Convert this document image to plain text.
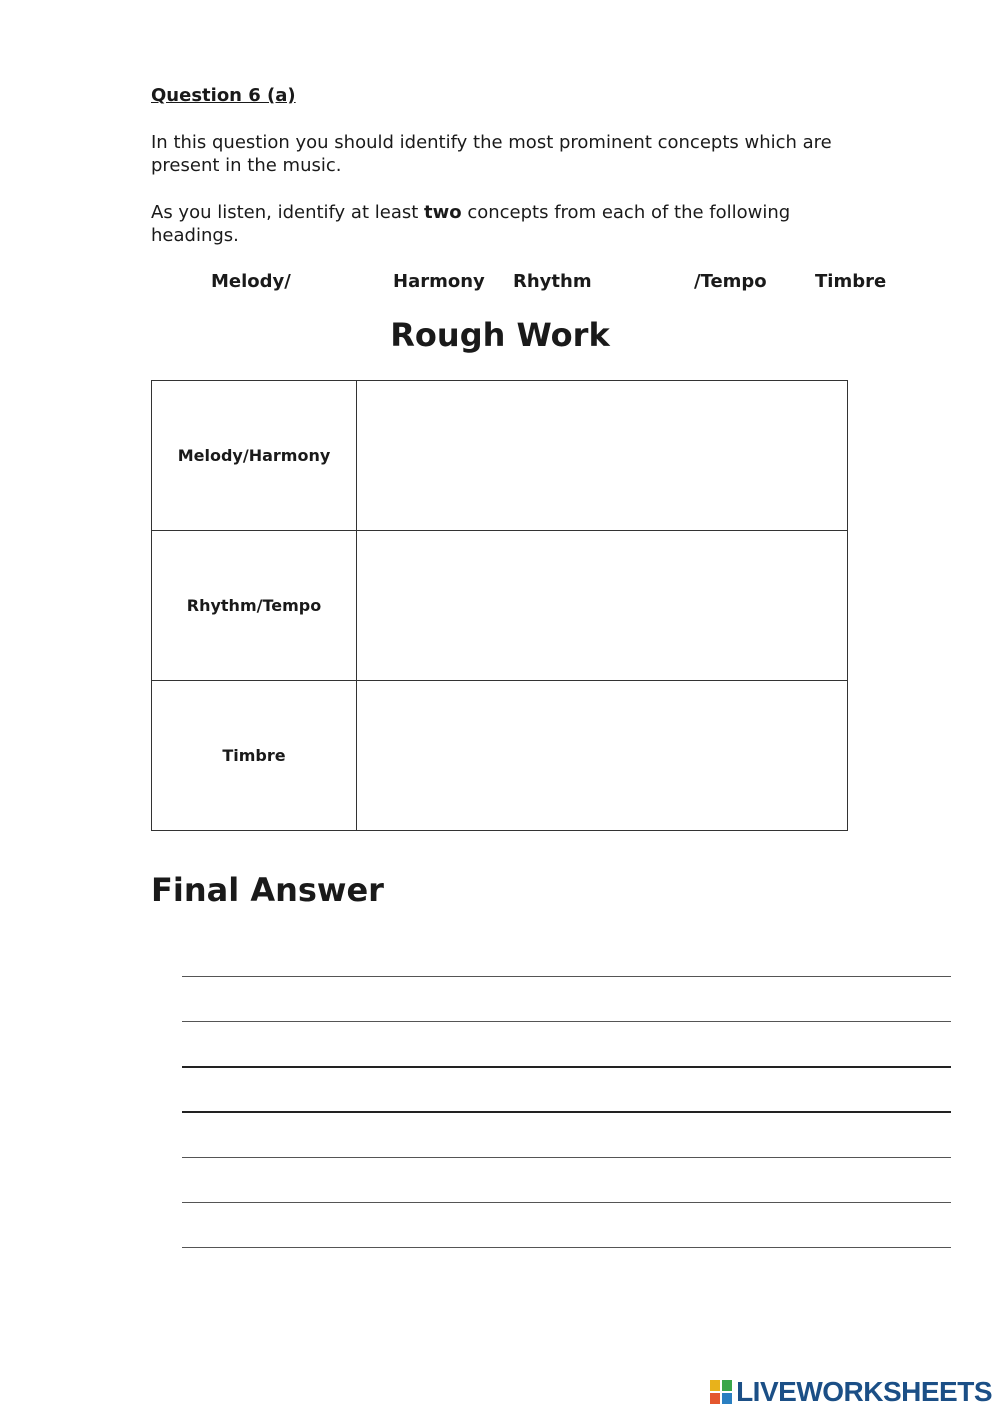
Question 6 (a)
In this question you should identify the most prominent concepts which are present in the music.
As you listen, identify at least two concepts from each of the following headings.
Melody/	Harmony Rhythm	/Tempo	Timbre
Rough Work
Melody/Harmony	
Rhythm/Tempo	
Timbre	
Final Answer
LIVEWORKSHEETS
